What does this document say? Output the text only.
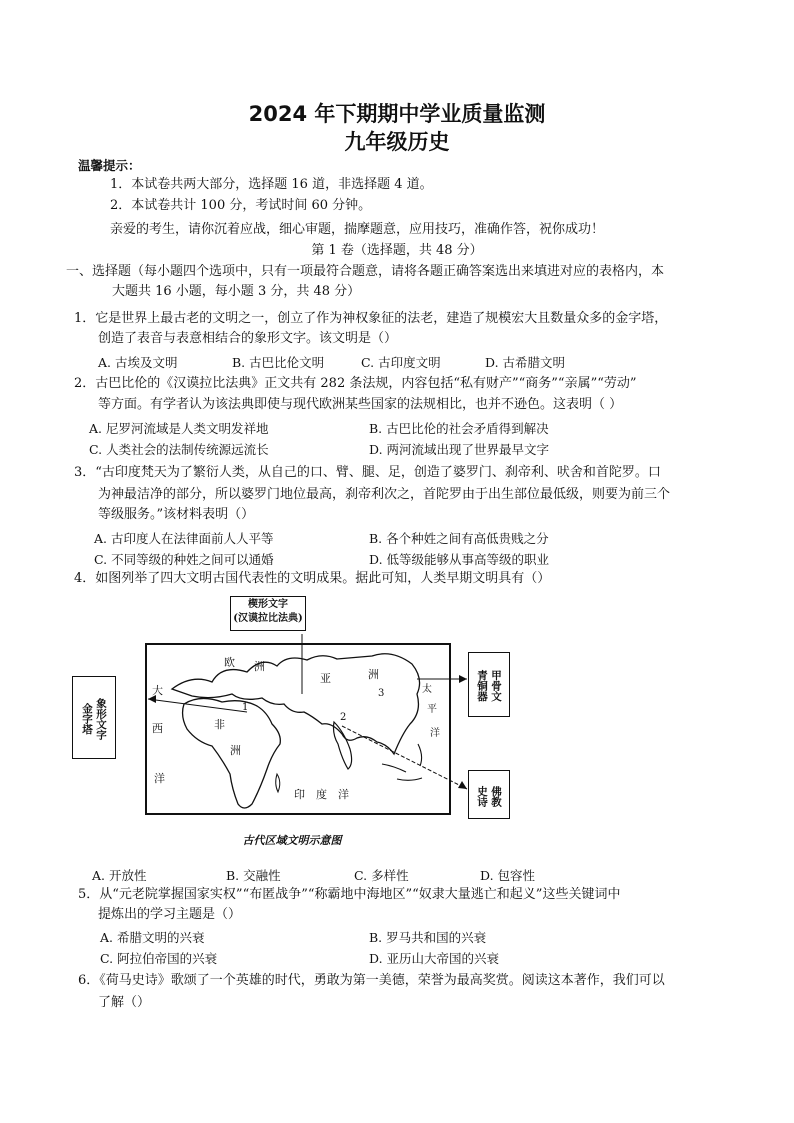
2024 年下期期中学业质量监测
九年级历史
温馨提示：
1．本试卷共两大部分，选择题 16 道，非选择题 4 道。
2．本试卷共计 100 分，考试时间 60 分钟。
亲爱的考生，请你沉着应战，细心审题，揣摩题意，应用技巧，准确作答，祝你成功！
第 1 卷（选择题，共 48 分）
一、选择题（每小题四个选项中，只有一项最符合题意，请将各题正确答案选出来填进对应的表格内，本
大题共 16 小题，每小题 3 分，共 48 分）
1．它是世界上最古老的文明之一，创立了作为神权象征的法老，建造了规模宏大且数量众多的金字塔，
创造了表音与表意相结合的象形文字。该文明是（）
A. 古埃及文明	B. 古巴比伦文明	C. 古印度文明	D. 古希腊文明
2．古巴比伦的《汉谟拉比法典》正文共有 282 条法规，内容包括“私有财产”“商务”“亲属”“劳动”
等方面。有学者认为该法典即使与现代欧洲某些国家的法规相比，也并不逊色。这表明（ ）
A. 尼罗河流域是人类文明发祥地	B. 古巴比伦的社会矛盾得到解决
C. 人类社会的法制传统源远流长	D. 两河流域出现了世界最早文字
3．“古印度梵天为了繁衍人类，从自己的口、臂、腿、足，创造了婆罗门、刹帝利、吠舍和首陀罗。口
为神最洁净的部分，所以婆罗门地位最高，刹帝利次之，首陀罗由于出生部位最低级，则要为前三个
等级服务。”该材料表明（）
A. 古印度人在法律面前人人平等	B. 各个种姓之间有高低贵贱之分
C. 不同等级的种姓之间可以通婚	D. 低等级能够从事高等级的职业
4．如图列举了四大文明古国代表性的文明成果。据此可知，人类早期文明具有（）
楔形文字
(汉谟拉比法典)
象形文字
金字塔
甲骨文
青铜器
佛教
史诗
欧 洲
亚	洲
非
洲
大
西
洋
印　度　洋
太
平
洋
1
2
3
古代区域文明示意图
A. 开放性	B. 交融性	C. 多样性	D. 包容性
5．从“元老院掌握国家实权”“布匿战争”“称霸地中海地区”“奴隶大量逃亡和起义”这些关键词中
提炼出的学习主题是（）
A. 希腊文明的兴衰	B. 罗马共和国的兴衰
C. 阿拉伯帝国的兴衰	D. 亚历山大帝国的兴衰
6．《荷马史诗》歌颂了一个英雄的时代，勇敢为第一美德，荣誉为最高奖赏。阅读这本著作，我们可以
了解（）
